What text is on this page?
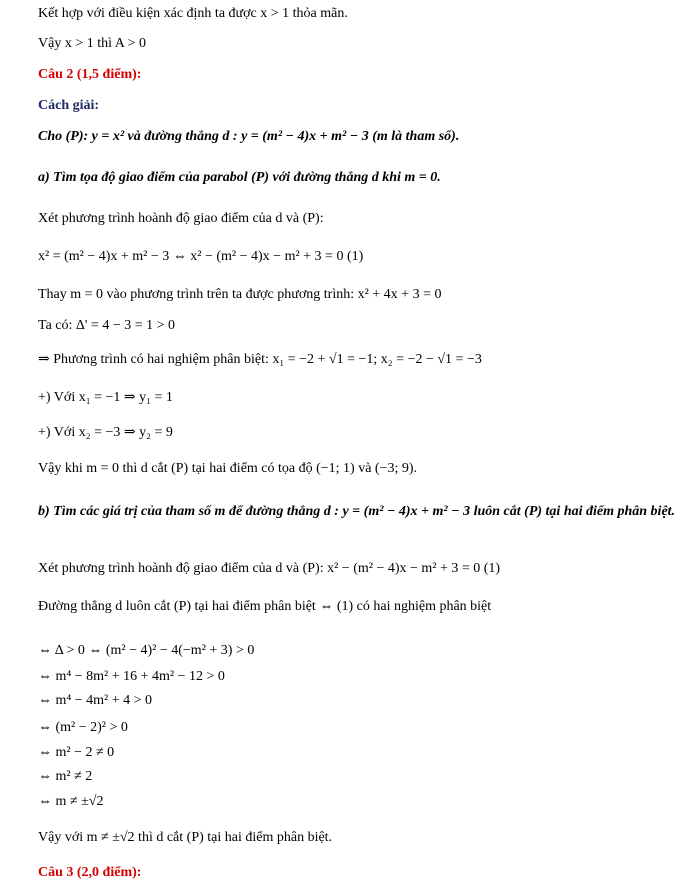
Kết hợp với điều kiện xác định ta được x > 1 thỏa mãn.
Vậy x > 1 thì A > 0
Câu 2 (1,5 điểm):
Cách giải:
Cho (P): y = x² và đường thẳng d : y = (m² − 4)x + m² − 3 (m là tham số).
a) Tìm tọa độ giao điểm của parabol (P) với đường thẳng d khi m = 0.
Xét phương trình hoành độ giao điểm của d và (P):
x² = (m² − 4)x + m² − 3 ⇔ x² − (m² − 4)x − m² + 3 = 0 (1)
Thay m = 0 vào phương trình trên ta được phương trình: x² + 4x + 3 = 0
Ta có: Δ' = 4 − 3 = 1 > 0
⇒ Phương trình có hai nghiệm phân biệt: x₁ = −2 + √1 = −1; x₂ = −2 − √1 = −3
+) Với x₁ = −1 ⇒ y₁ = 1
+) Với x₂ = −3 ⇒ y₂ = 9
Vậy khi m = 0 thì d cắt (P) tại hai điểm có tọa độ (−1; 1) và (−3; 9).
b) Tìm các giá trị của tham số m để đường thẳng d : y = (m² − 4)x + m² − 3 luôn cắt (P) tại hai điểm phân biệt.
Xét phương trình hoành độ giao điểm của d và (P): x² − (m² − 4)x − m² + 3 = 0 (1)
Đường thẳng d luôn cắt (P) tại hai điểm phân biệt ⇔ (1) có hai nghiệm phân biệt
⇔ Δ > 0 ⇔ (m² − 4)² − 4(−m² + 3) > 0
⇔ m⁴ − 8m² + 16 + 4m² − 12 > 0
⇔ m⁴ − 4m² + 4 > 0
⇔ (m² − 2)² > 0
⇔ m² − 2 ≠ 0
⇔ m² ≠ 2
⇔ m ≠ ±√2
Vậy với m ≠ ±√2 thì d cắt (P) tại hai điểm phân biệt.
Câu 3 (2,0 điểm):
